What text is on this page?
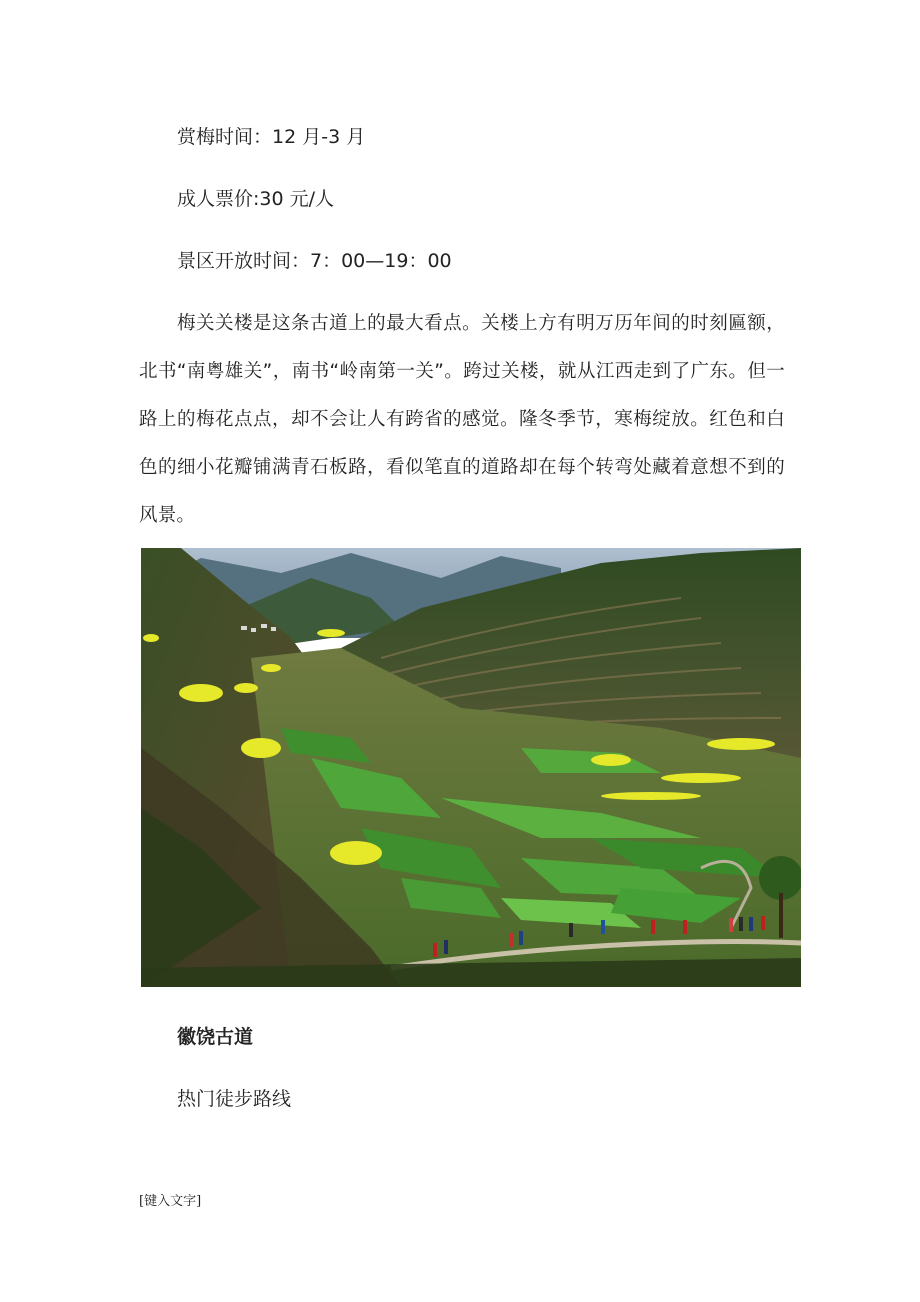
赏梅时间：12 月-3 月
成人票价:30 元/人
景区开放时间：7：00—19：00
梅关关楼是这条古道上的最大看点。关楼上方有明万历年间的时刻匾额，北书“南粤雄关”，南书“岭南第一关”。跨过关楼，就从江西走到了广东。但一路上的梅花点点，却不会让人有跨省的感觉。隆冬季节，寒梅绽放。红色和白色的细小花瓣铺满青石板路，看似笔直的道路却在每个转弯处藏着意想不到的风景。
徽饶古道
热门徒步路线
[键入文字]
